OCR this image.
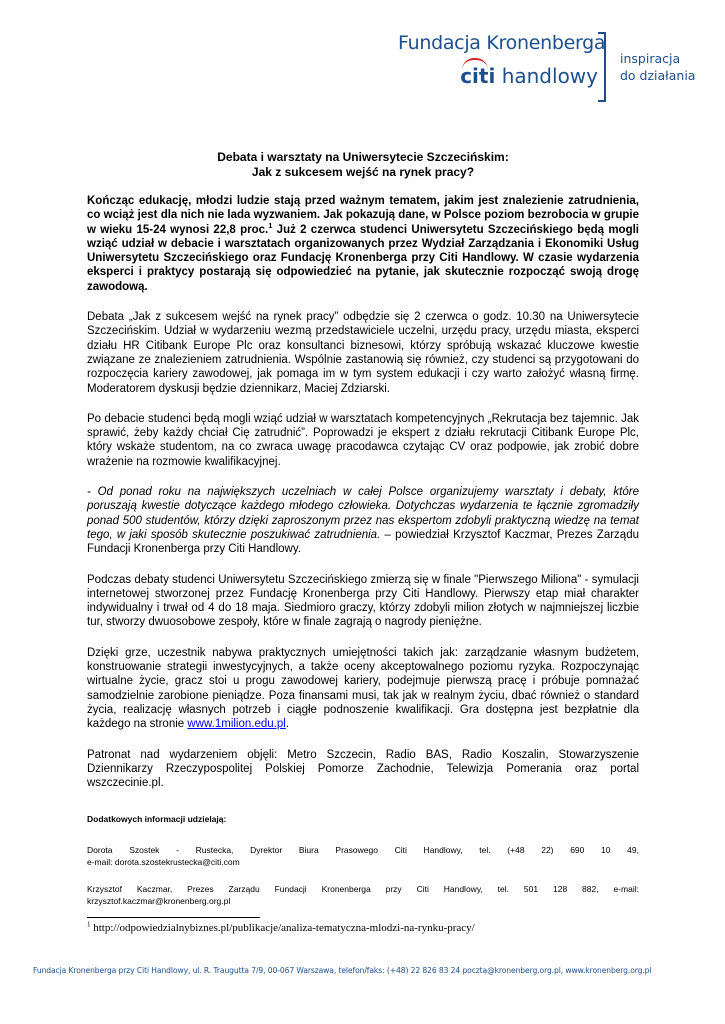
Fundacja Kronenberga
citi handlowy
inspiracja
do działania
Debata i warsztaty na Uniwersytecie Szczecińskim:
Jak z sukcesem wejść na rynek pracy?
Kończąc edukację, młodzi ludzie stają przed ważnym tematem, jakim jest znalezienie zatrudnienia, co wciąż jest dla nich nie lada wyzwaniem. Jak pokazują dane, w Polsce poziom bezrobocia w grupie w wieku 15-24 wynosi 22,8 proc.$^1$ Już 2 czerwca studenci Uniwersytetu Szczecińskiego będą mogli wziąć udział w debacie i warsztatach organizowanych przez Wydział Zarządzania i Ekonomiki Usług Uniwersytetu Szczecińskiego oraz Fundację Kronenberga przy Citi Handlowy. W czasie wydarzenia eksperci i praktycy postarają się odpowiedzieć na pytanie, jak skutecznie rozpocząć swoją drogę zawodową.
Debata „Jak z sukcesem wejść na rynek pracy” odbędzie się 2 czerwca o godz. 10.30 na Uniwersytecie Szczecińskim. Udział w wydarzeniu wezmą przedstawiciele uczelni, urzędu pracy, urzędu miasta, eksperci działu HR Citibank Europe Plc oraz konsultanci biznesowi, którzy spróbują wskazać kluczowe kwestie związane ze znalezieniem zatrudnienia. Wspólnie zastanowią się również, czy studenci są przygotowani do rozpoczęcia kariery zawodowej, jak pomaga im w tym system edukacji i czy warto założyć własną firmę. Moderatorem dyskusji będzie dziennikarz, Maciej Zdziarski.
Po debacie studenci będą mogli wziąć udział w warsztatach kompetencyjnych „Rekrutacja bez tajemnic. Jak sprawić, żeby każdy chciał Cię zatrudnić”. Poprowadzi je ekspert z działu rekrutacji Citibank Europe Plc, który wskaże studentom, na co zwraca uwagę pracodawca czytając CV oraz podpowie, jak zrobić dobre wrażenie na rozmowie kwalifikacyjnej.
- Od ponad roku na największych uczelniach w całej Polsce organizujemy warsztaty i debaty, które poruszają kwestie dotyczące każdego młodego człowieka. Dotychczas wydarzenia te łącznie zgromadziły ponad 500 studentów, którzy dzięki zaproszonym przez nas ekspertom zdobyli praktyczną wiedzę na temat tego, w jaki sposób skutecznie poszukiwać zatrudnienia. – powiedział Krzysztof Kaczmar, Prezes Zarządu Fundacji Kronenberga przy Citi Handlowy.
Podczas debaty studenci Uniwersytetu Szczecińskiego zmierzą się w finale "Pierwszego Miliona" - symulacji internetowej stworzonej przez Fundację Kronenberga przy Citi Handlowy. Pierwszy etap miał charakter indywidualny i trwał od 4 do 18 maja. Siedmioro graczy, którzy zdobyli milion złotych w najmniejszej liczbie tur, stworzy dwuosobowe zespoły, które w finale zagrają o nagrody pieniężne.
Dzięki grze, uczestnik nabywa praktycznych umiejętności takich jak: zarządzanie własnym budżetem, konstruowanie strategii inwestycyjnych, a także oceny akceptowalnego poziomu ryzyka. Rozpoczynając wirtualne życie, gracz stoi u progu zawodowej kariery, podejmuje pierwszą pracę i próbuje pomnażać samodzielnie zarobione pieniądze. Poza finansami musi, tak jak w realnym życiu, dbać również o standard życia, realizację własnych potrzeb i ciągłe podnoszenie kwalifikacji. Gra dostępna jest bezpłatnie dla każdego na stronie www.1milion.edu.pl.
Patronat nad wydarzeniem objęli: Metro Szczecin, Radio BAS, Radio Koszalin, Stowarzyszenie Dziennikarzy Rzeczypospolitej Polskiej Pomorze Zachodnie, Telewizja Pomerania oraz portal wszczecinie.pl.
Dodatkowych informacji udzielają:
Dorota Szostek - Rustecka, Dyrektor Biura Prasowego Citi Handlowy, tel. (+48 22) 690 10 49,
e-mail: dorota.szostekrustecka@citi.com
Krzysztof Kaczmar, Prezes Zarządu Fundacji Kronenberga przy Citi Handlowy, tel. 501 128 882, e-mail:
krzysztof.kaczmar@kronenberg.org.pl
$^1$ http://odpowiedzialnybiznes.pl/publikacje/analiza-tematyczna-mlodzi-na-rynku-pracy/
Fundacja Kronenberga przy Citi Handlowy, ul. R. Traugutta 7/9, 00-067 Warszawa, telefon/faks: (+48) 22 826 83 24 poczta@kronenberg.org.pl, www.kronenberg.org.pl
